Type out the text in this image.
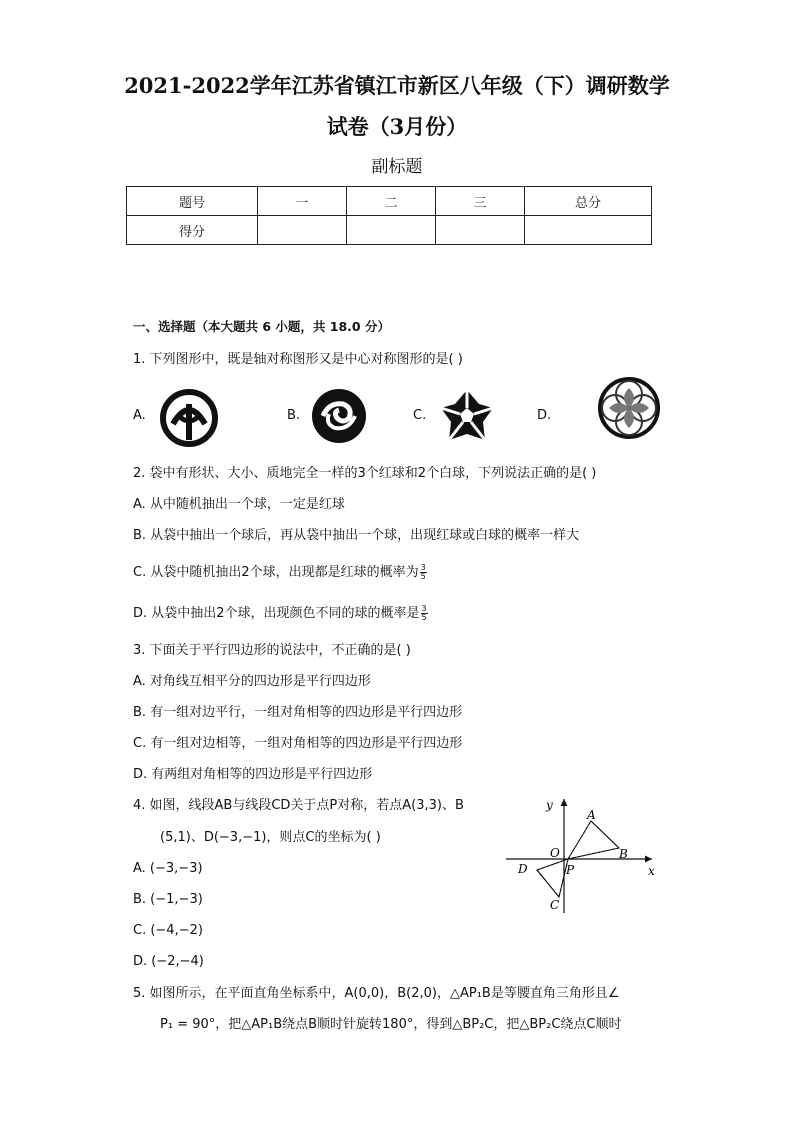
2021-2022学年江苏省镇江市新区八年级（下）调研数学
试卷（3月份）
副标题
题号	一	二	三	总分
得分				
一、选择题（本大题共 6 小题，共 18.0 分）
1. 下列图形中，既是轴对称图形又是中心对称图形的是( )
A.	B.	C.	D.
2. 袋中有形状、大小、质地完全一样的3个红球和2个白球，下列说法正确的是( )
A. 从中随机抽出一个球，一定是红球
B. 从袋中抽出一个球后，再从袋中抽出一个球，出现红球或白球的概率一样大
C. 从袋中随机抽出2个球，出现都是红球的概率为 $\frac{3}{5}$
D. 从袋中抽出2个球，出现颜色不同的球的概率是 $\frac{3}{5}$
3. 下面关于平行四边形的说法中，不正确的是( )
A. 对角线互相平分的四边形是平行四边形
B. 有一组对边平行，一组对角相等的四边形是平行四边形
C. 有一组对边相等，一组对角相等的四边形是平行四边形
D. 有两组对角相等的四边形是平行四边形
4. 如图，线段AB与线段CD关于点P对称，若点A(3,3)、B
(5,1)、D(−3,−1)，则点C的坐标为( )
A. (−3,−3)
B. (−1,−3)
C. (−4,−2)
D. (−2,−4)
y
x
O
P
A
B
C
D
5. 如图所示，在平面直角坐标系中，A(0,0)，B(2,0)，△AP₁B是等腰直角三角形且∠
P₁ = 90°，把△AP₁B绕点B顺时针旋转180°，得到△BP₂C，把△BP₂C绕点C顺时
